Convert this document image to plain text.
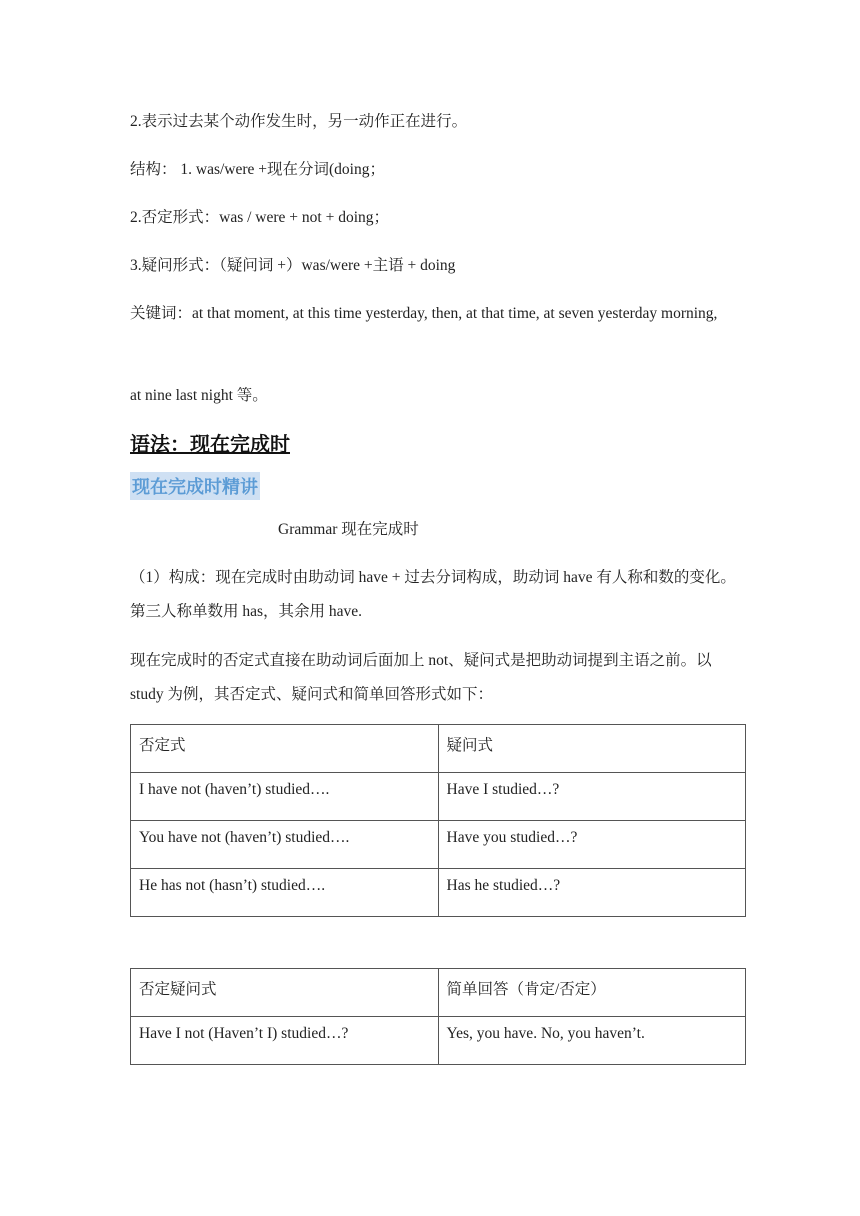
2.表示过去某个动作发生时，另一动作正在进行。
结构： 1. was/were +现在分词(doing；
2.否定形式：was / were + not + doing；
3.疑问形式：（疑问词 +）was/were +主语 + doing
关键词：at that moment, at this time yesterday, then, at that time, at seven yesterday morning,
at nine last night 等。
语法：现在完成时
现在完成时精讲
Grammar 现在完成时
（1）构成：现在完成时由助动词 have + 过去分词构成，助动词 have 有人称和数的变化。第三人称单数用 has，其余用 have.
现在完成时的否定式直接在助动词后面加上 not、疑问式是把助动词提到主语之前。以 study 为例，其否定式、疑问式和简单回答形式如下：
否定式	疑问式
I have not (haven’t) studied….	Have I studied…?
You have not (haven’t) studied….	Have you studied…?
He has not (hasn’t) studied….	Has he studied…?
否定疑问式	简单回答（肯定/否定）
Have I not (Haven’t I) studied…?	Yes, you have. No, you haven’t.
